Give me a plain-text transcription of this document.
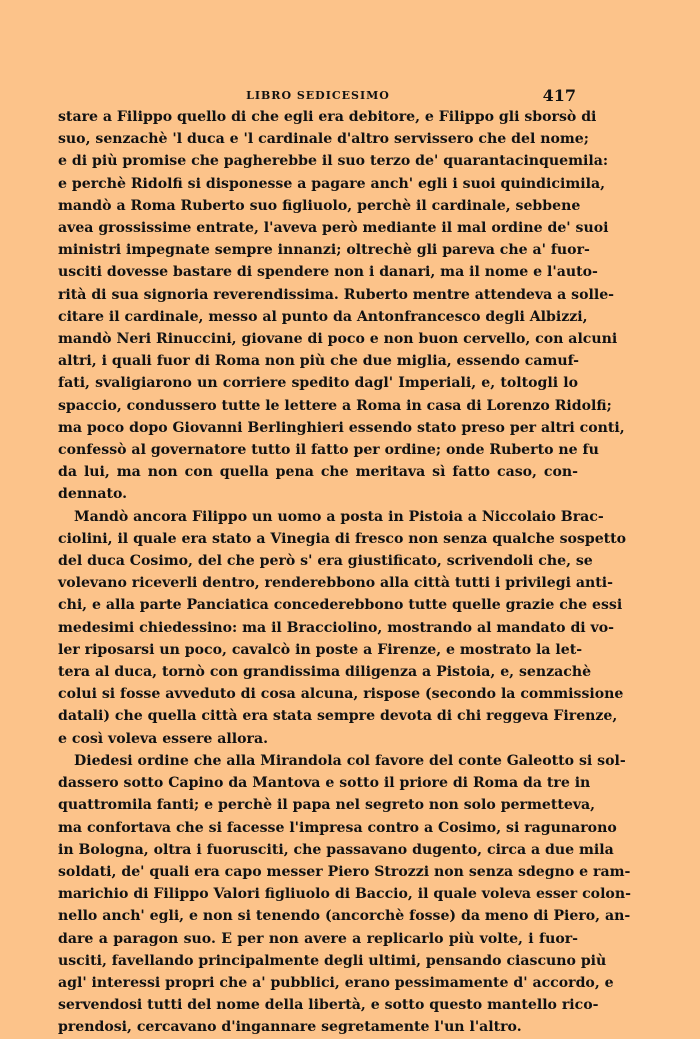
LIBRO SEDICESIMO	417
stare a Filippo quello di che egli era debitore, e Filippo gli sborsò di
suo, senzachè 'l duca e 'l cardinale d'altro servissero che del nome;
e di più promise che pagherebbe il suo terzo de' quarantacinquemila:
e perchè Ridolfi si disponesse a pagare anch' egli i suoi quindicimila,
mandò a Roma Ruberto suo figliuolo, perchè il cardinale, sebbene
avea grossissime entrate, l'aveva però mediante il mal ordine de' suoi
ministri impegnate sempre innanzi; oltrechè gli pareva che a' fuor-
usciti dovesse bastare di spendere non i danari, ma il nome e l'auto-
rità di sua signoria reverendissima. Ruberto mentre attendeva a solle-
citare il cardinale, messo al punto da Antonfrancesco degli Albizzi,
mandò Neri Rinuccini, giovane di poco e non buon cervello, con alcuni
altri, i quali fuor di Roma non più che due miglia, essendo camuf-
fati, svaligiarono un corriere spedito dagl' Imperiali, e, toltogli lo
spaccio, condussero tutte le lettere a Roma in casa di Lorenzo Ridolfi;
ma poco dopo Giovanni Berlinghieri essendo stato preso per altri conti,
confessò al governatore tutto il fatto per ordine; onde Ruberto ne fu
da lui, ma non con quella pena che meritava sì fatto caso, con-
dennato.
Mandò ancora Filippo un uomo a posta in Pistoia a Niccolaio Brac-
ciolini, il quale era stato a Vinegia di fresco non senza qualche sospetto
del duca Cosimo, del che però s' era giustificato, scrivendoli che, se
volevano riceverli dentro, renderebbono alla città tutti i privilegi anti-
chi, e alla parte Panciatica concederebbono tutte quelle grazie che essi
medesimi chiedessino: ma il Bracciolino, mostrando al mandato di vo-
ler riposarsi un poco, cavalcò in poste a Firenze, e mostrato la let-
tera al duca, tornò con grandissima diligenza a Pistoia, e, senzachè
colui si fosse avveduto di cosa alcuna, rispose (secondo la commissione
datali) che quella città era stata sempre devota di chi reggeva Firenze,
e così voleva essere allora.
Diedesi ordine che alla Mirandola col favore del conte Galeotto si sol-
dassero sotto Capino da Mantova e sotto il priore di Roma da tre in
quattromila fanti; e perchè il papa nel segreto non solo permetteva,
ma confortava che si facesse l'impresa contro a Cosimo, si ragunarono
in Bologna, oltra i fuorusciti, che passavano dugento, circa a due mila
soldati, de' quali era capo messer Piero Strozzi non senza sdegno e ram-
marichio di Filippo Valori figliuolo di Baccio, il quale voleva esser colon-
nello anch' egli, e non si tenendo (ancorchè fosse) da meno di Piero, an-
dare a paragon suo. E per non avere a replicarlo più volte, i fuor-
usciti, favellando principalmente degli ultimi, pensando ciascuno più
agl' interessi propri che a' pubblici, erano pessimamente d' accordo, e
servendosi tutti del nome della libertà, e sotto questo mantello rico-
prendosi, cercavano d'ingannare segretamente l'un l'altro.
